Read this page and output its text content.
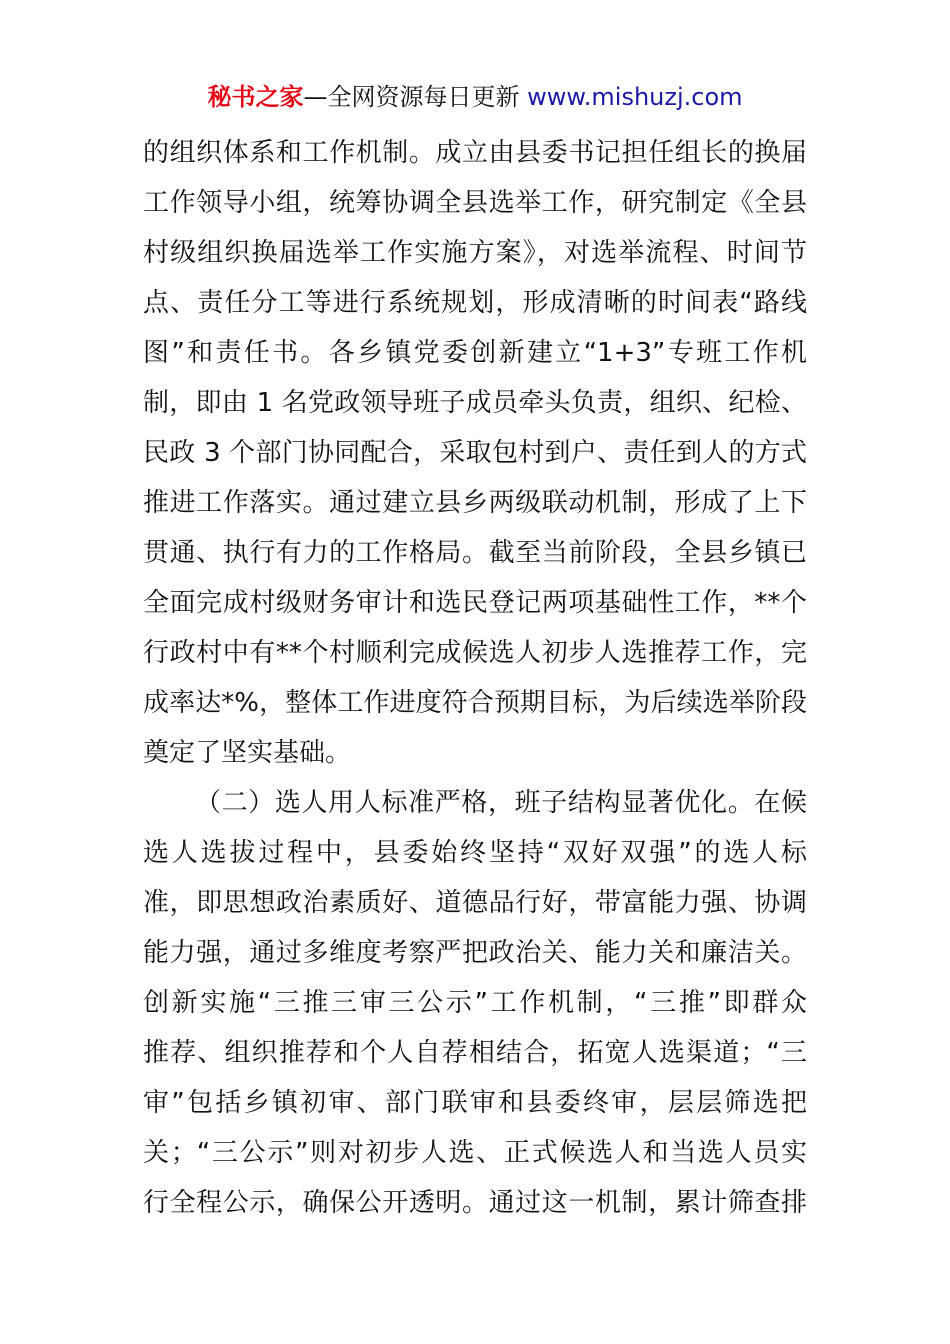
秘书之家—全网资源每日更新 www.mishuzj.com
的组织体系和工作机制。成立由县委书记担任组长的换届
工作领导小组，统筹协调全县选举工作，研究制定《全县
村级组织换届选举工作实施方案》，对选举流程、时间节
点、责任分工等进行系统规划，形成清晰的时间表“路线
图”和责任书。各乡镇党委创新建立“1+3”专班工作机
制，即由 1 名党政领导班子成员牵头负责，组织、纪检、
民政 3 个部门协同配合，采取包村到户、责任到人的方式
推进工作落实。通过建立县乡两级联动机制，形成了上下
贯通、执行有力的工作格局。截至当前阶段，全县乡镇已
全面完成村级财务审计和选民登记两项基础性工作，**个
行政村中有**个村顺利完成候选人初步人选推荐工作，完
成率达*%，整体工作进度符合预期目标，为后续选举阶段
奠定了坚实基础。
（二）选人用人标准严格，班子结构显著优化。在候
选人选拔过程中，县委始终坚持“双好双强”的选人标
准，即思想政治素质好、道德品行好，带富能力强、协调
能力强，通过多维度考察严把政治关、能力关和廉洁关。
创新实施“三推三审三公示”工作机制，“三推”即群众
推荐、组织推荐和个人自荐相结合，拓宽人选渠道；“三
审”包括乡镇初审、部门联审和县委终审，层层筛选把
关；“三公示”则对初步人选、正式候选人和当选人员实
行全程公示，确保公开透明。通过这一机制，累计筛查排
